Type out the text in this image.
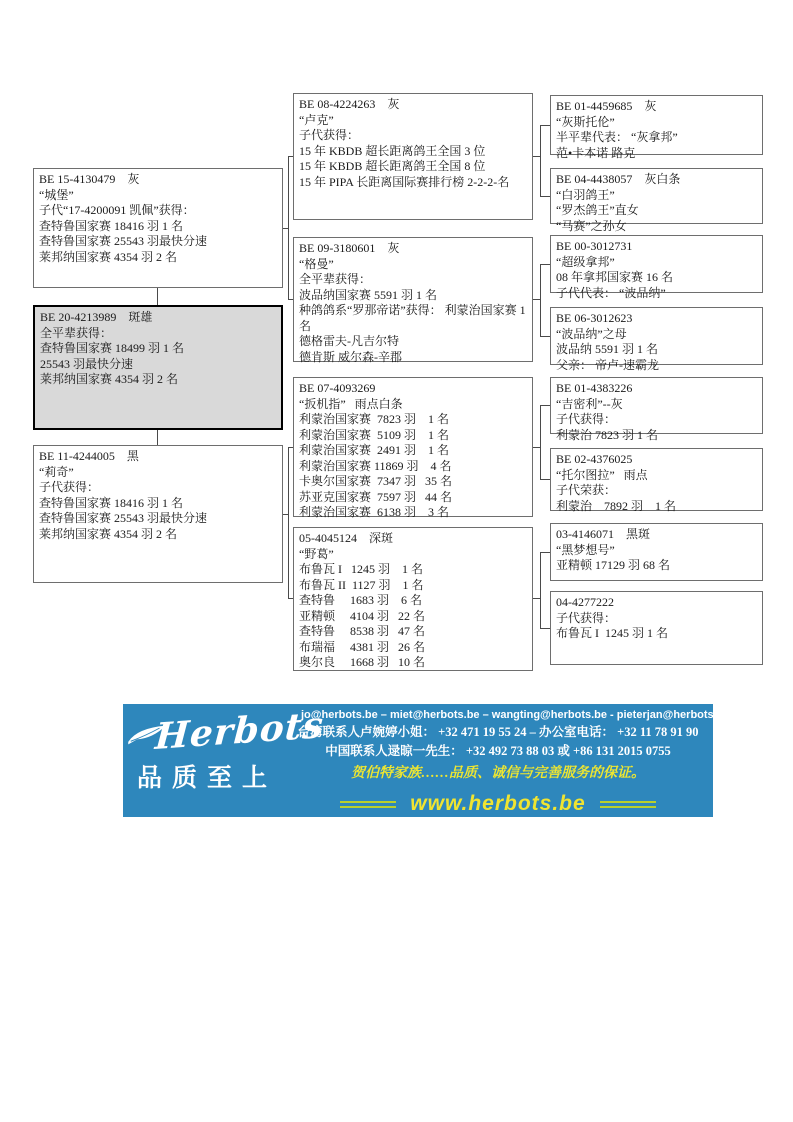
BE 15-4130479    灰
“城堡”
子代“17-4200091 凯佩”获得：
查特鲁国家赛 18416 羽 1 名
查特鲁国家赛 25543 羽最快分速
莱邦纳国家赛 4354 羽 2 名
BE 20-4213989    斑雄
全平辈获得：
查特鲁国家赛 18499 羽 1 名
25543 羽最快分速
莱邦纳国家赛 4354 羽 2 名
BE 11-4244005    黑
“莉奇”
子代获得：
查特鲁国家赛 18416 羽 1 名
查特鲁国家赛 25543 羽最快分速
莱邦纳国家赛 4354 羽 2 名
BE 08-4224263    灰
“卢克”
子代获得：
15 年 KBDB 超长距离鸽王全国 3 位
15 年 KBDB 超长距离鸽王全国 8 位
15 年 PIPA 长距离国际赛排行榜 2-2-2-名
BE 09-3180601    灰
“格曼”
全平辈获得：
波品纳国家赛 5591 羽 1 名
种鸽鸽系“罗那帝诺”获得： 利蒙治国家赛 1 名
德格雷夫-凡吉尔特
德肯斯 威尔森-辛郡
BE 07-4093269
“扳机指”   雨点白条
利蒙治国家赛  7823 羽    1 名
利蒙治国家赛  5109 羽    1 名
利蒙治国家赛  2491 羽    1 名
利蒙治国家赛 11869 羽    4 名
卡奥尔国家赛  7347 羽   35 名
苏亚克国家赛  7597 羽   44 名
利蒙治国家赛  6138 羽    3 名
05-4045124    深斑
“野葛”
布鲁瓦 I   1245 羽    1 名
布鲁瓦 II  1127 羽    1 名
查特鲁     1683 羽    6 名
亚精顿     4104 羽   22 名
查特鲁     8538 羽   47 名
布瑞福     4381 羽   26 名
奥尔良     1668 羽   10 名
BE 01-4459685    灰
“灰斯托伦”
半平辈代表： “灰拿邦”
范•卡本诺 路克
BE 04-4438057    灰白条
“白羽鸽王”
“罗杰鸽王”直女
“马赛”之孙女
BE 00-3012731
“超级拿邦”
08 年拿邦国家赛 16 名
子代代表： “波品纳”
BE 06-3012623
“波品纳”之母
波品纳 5591 羽 1 名
父亲： 帝卢-速霸龙
BE 01-4383226
“吉密利”--灰
子代获得：
利蒙治 7823 羽 1 名
BE 02-4376025
“托尔图拉”   雨点
子代荣获：
利蒙治    7892 羽    1 名
03-4146071    黑斑
“黑梦想号”
亚精顿 17129 羽 68 名
04-4277222
子代获得：
布鲁瓦 I  1245 羽 1 名
Herbots
品质至上
jo@herbots.be – miet@herbots.be – wangting@herbots.be - pieterjan@herbots.be
台湾联系人卢婉婷小姐： +32 471 19 55 24 – 办公室电话： +32 11 78 91 90
中国联系人逯晾一先生： +32 492 73 88 03 或 +86 131 2015 0755
贺伯特家族……品质、诚信与完善服务的保证。
www.herbots.be
